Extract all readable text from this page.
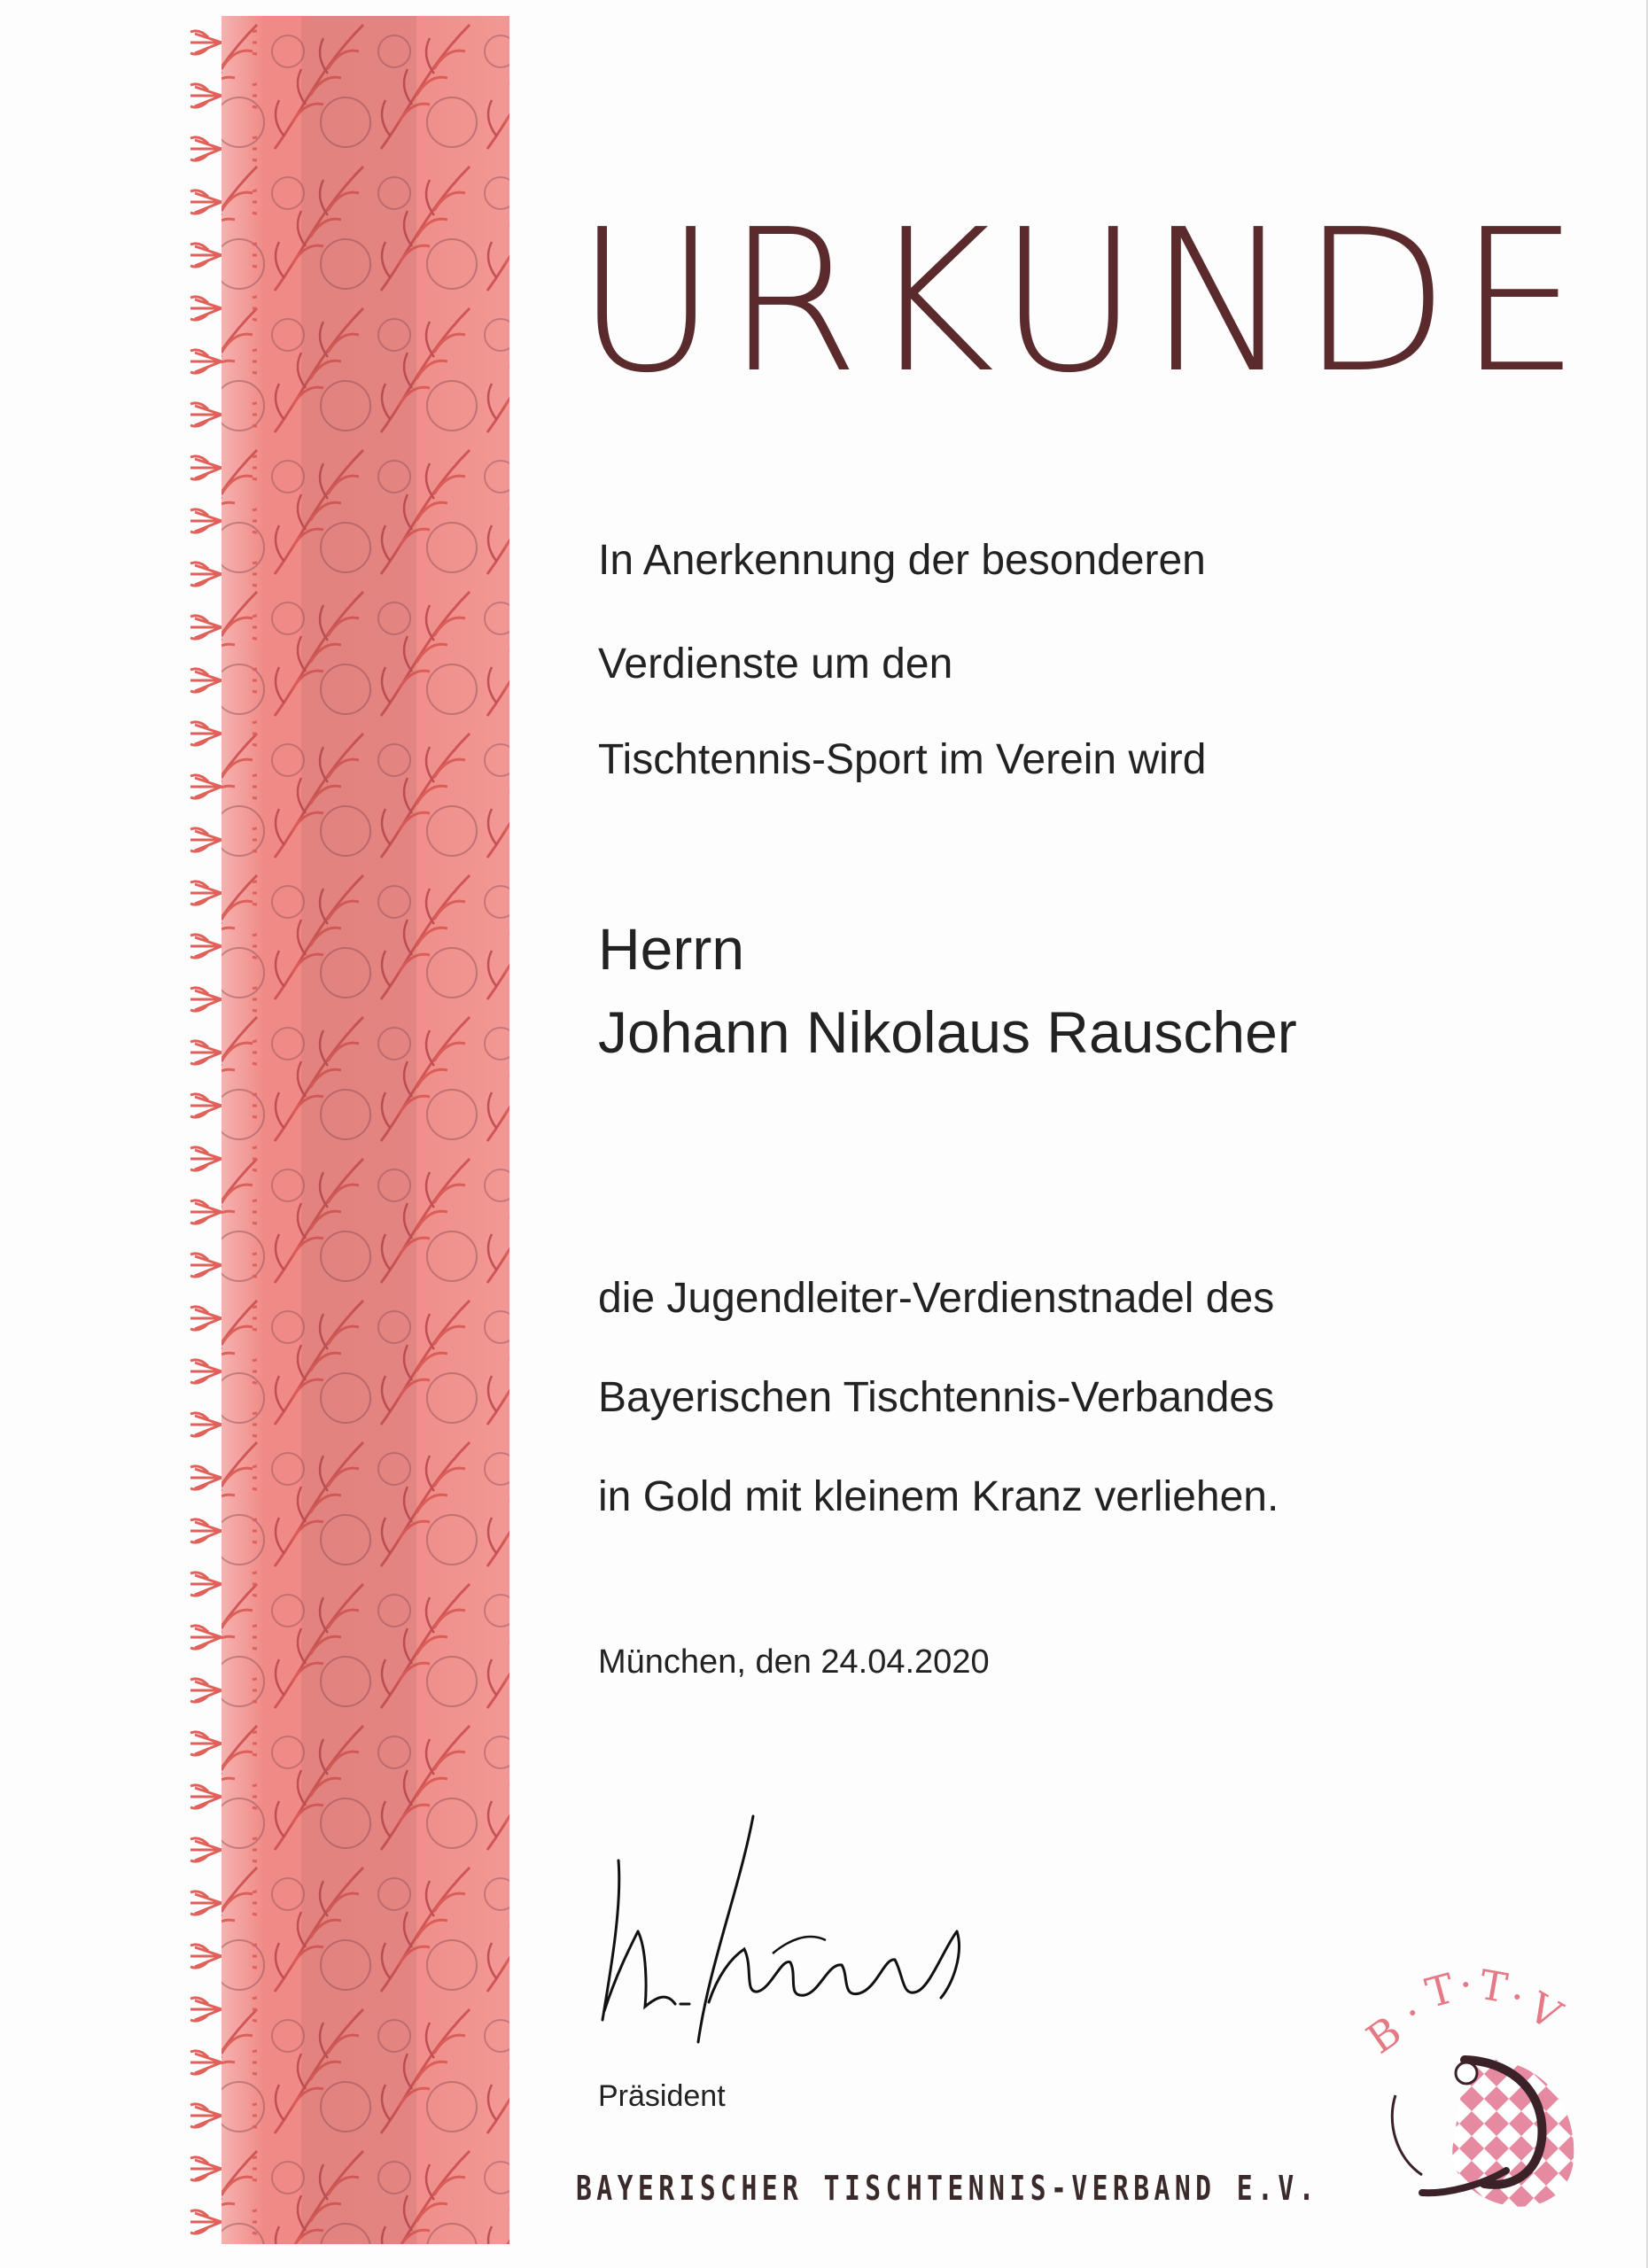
URKUNDE
In Anerkennung der besonderen
Verdienste um den
Tischtennis-Sport im Verein wird
Herrn
Johann Nikolaus Rauscher
die Jugendleiter-Verdienstnadel des
Bayerischen Tischtennis-Verbandes
in Gold mit kleinem Kranz verliehen.
München, den 24.04.2020
Präsident
BAYERISCHER TISCHTENNIS-VERBAND E.V.
B
· T · T ·
V
